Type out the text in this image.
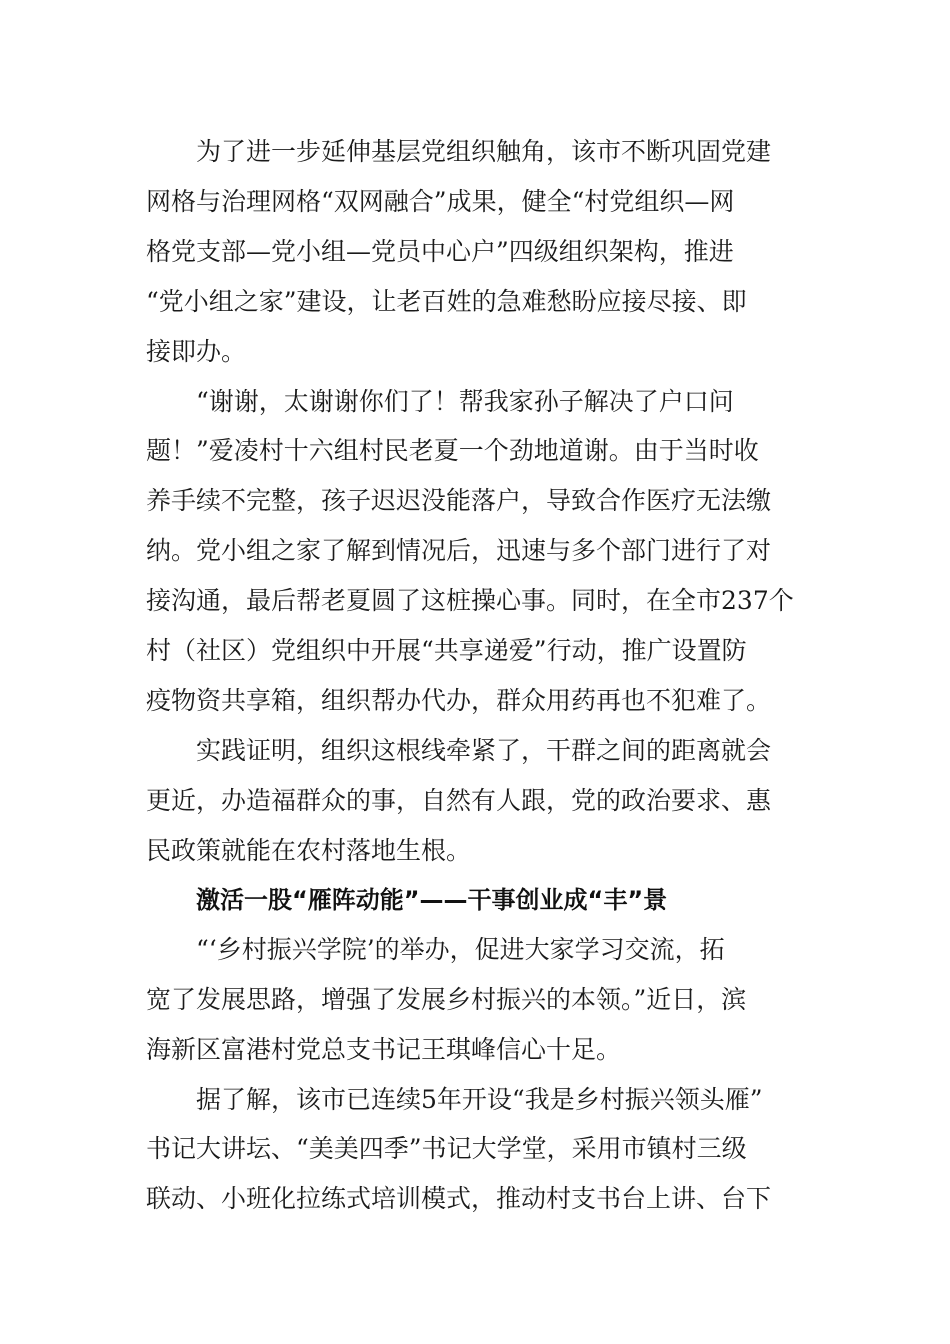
为了进一步延伸基层党组织触角，该市不断巩固党建
网格与治理网格“双网融合”成果，健全“村党组织—网
格党支部—党小组—党员中心户”四级组织架构，推进
“党小组之家”建设，让老百姓的急难愁盼应接尽接、即
接即办。
“谢谢，太谢谢你们了！帮我家孙子解决了户口问
题！”爱凌村十六组村民老夏一个劲地道谢。由于当时收
养手续不完整，孩子迟迟没能落户，导致合作医疗无法缴
纳。党小组之家了解到情况后，迅速与多个部门进行了对
接沟通，最后帮老夏圆了这桩操心事。同时，在全市237个
村（社区）党组织中开展“共享递爱”行动，推广设置防
疫物资共享箱，组织帮办代办，群众用药再也不犯难了。
实践证明，组织这根线牵紧了，干群之间的距离就会
更近，办造福群众的事，自然有人跟，党的政治要求、惠
民政策就能在农村落地生根。
激活一股“雁阵动能”——干事创业成“丰”景
“‘乡村振兴学院’的举办，促进大家学习交流，拓
宽了发展思路，增强了发展乡村振兴的本领。”近日，滨
海新区富港村党总支书记王琪峰信心十足。
据了解，该市已连续5年开设“我是乡村振兴领头雁”
书记大讲坛、“美美四季”书记大学堂，采用市镇村三级
联动、小班化拉练式培训模式，推动村支书台上讲、台下
